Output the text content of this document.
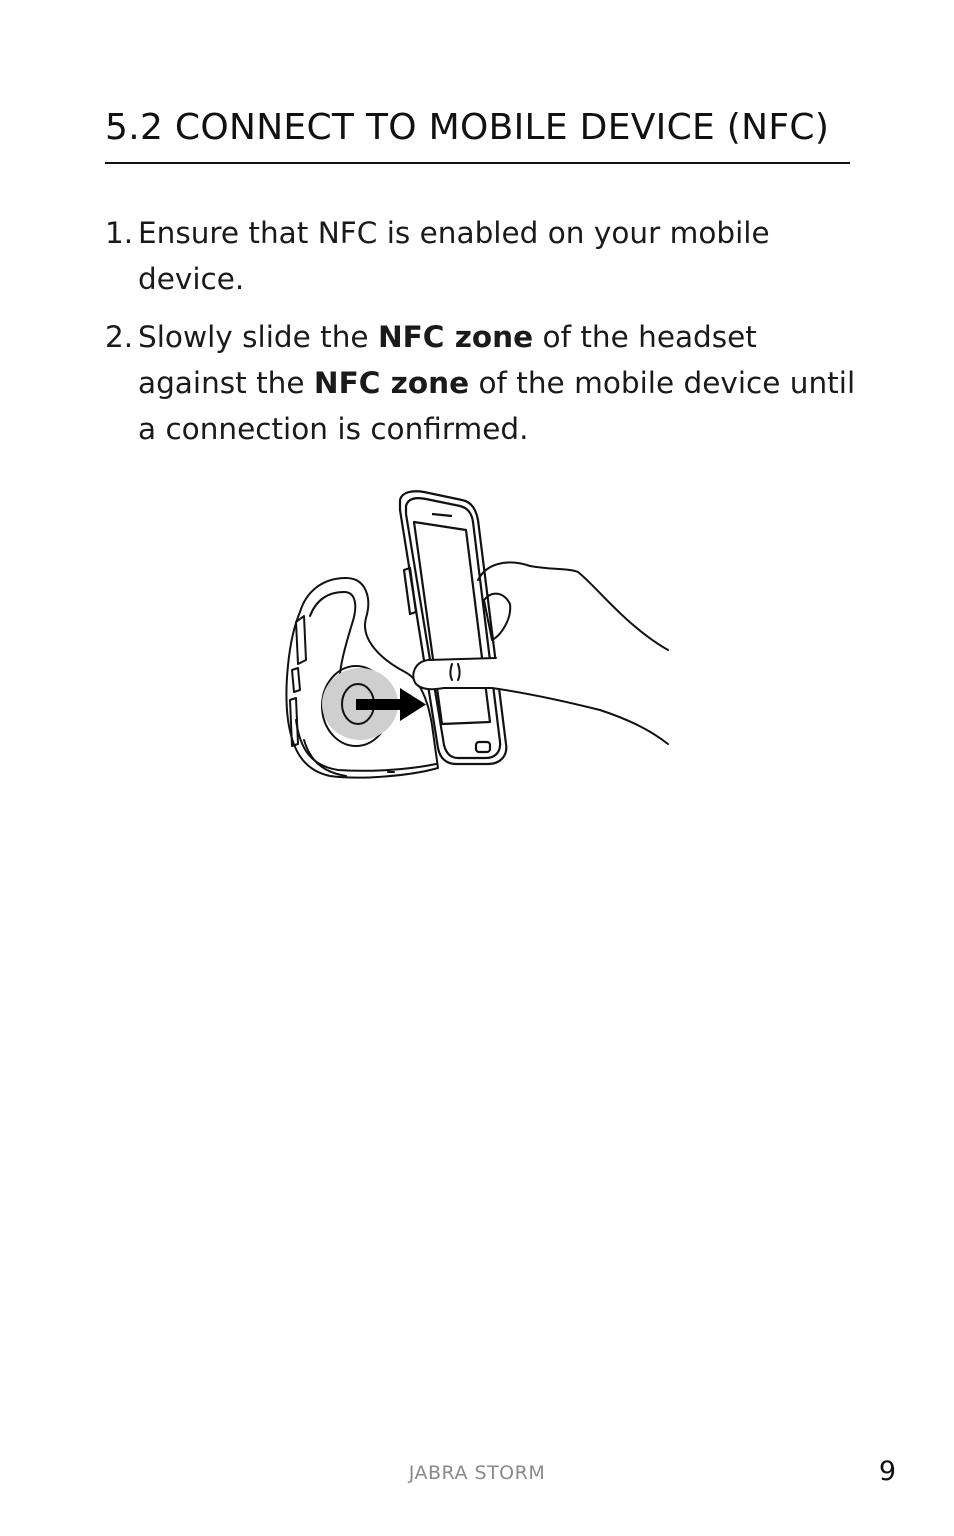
5.2 CONNECT TO MOBILE DEVICE (NFC)
1. Ensure that NFC is enabled on your mobile device.
2. Slowly slide the NFC zone of the headset against the NFC zone of the mobile device until a connection is confirmed.
JABRA STORM	9
